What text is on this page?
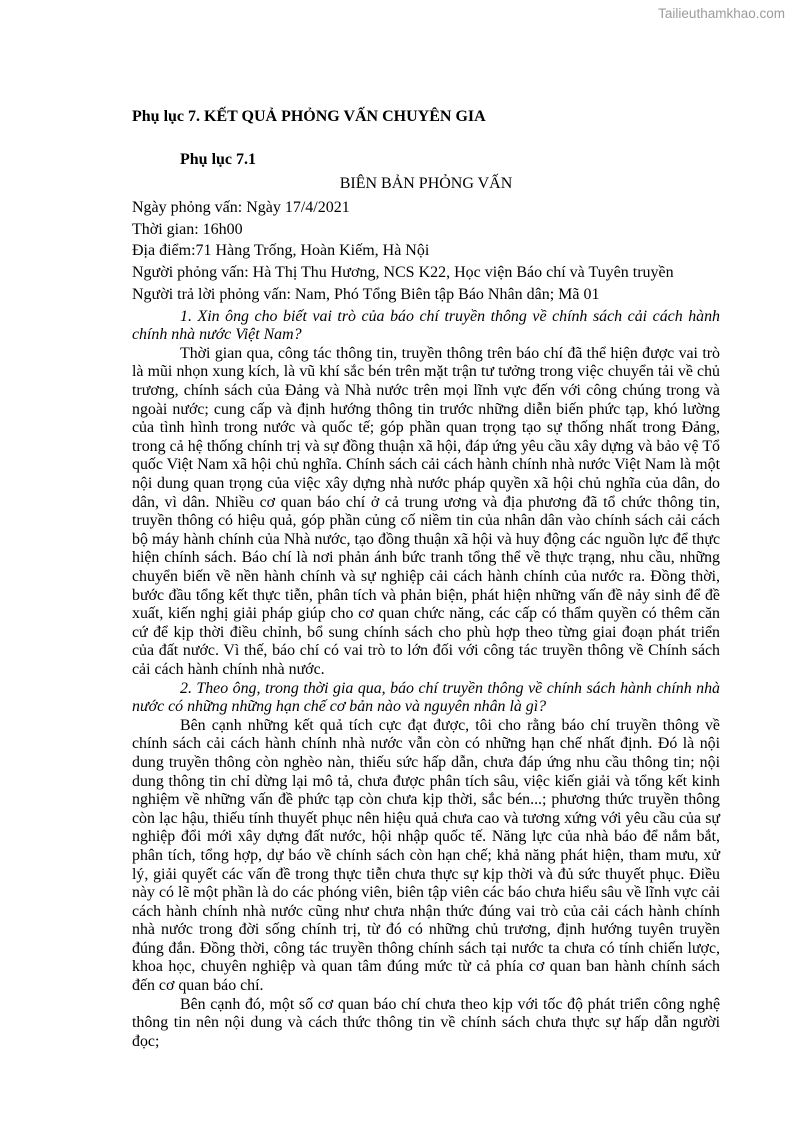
Tailieuthamkhao.com
Phụ lục 7. KẾT QUẢ PHỎNG VẤN CHUYÊN GIA
Phụ lục 7.1
BIÊN BẢN PHỎNG VẤN
Ngày phỏng vấn: Ngày 17/4/2021
Thời gian: 16h00
Địa điểm:71 Hàng Trống, Hoàn Kiếm, Hà Nội
Người phỏng vấn: Hà Thị Thu Hương, NCS K22, Học viện Báo chí và Tuyên truyền
Người trả lời phỏng vấn: Nam, Phó Tổng Biên tập Báo Nhân dân; Mã 01

1. Xin ông cho biết vai trò của báo chí truyền thông về chính sách cải cách hành chính nhà nước Việt Nam?

Thời gian qua, công tác thông tin, truyền thông trên báo chí đã thể hiện được vai trò là mũi nhọn xung kích, là vũ khí sắc bén trên mặt trận tư tưởng trong việc chuyển tải về chủ trương, chính sách của Đảng và Nhà nước trên mọi lĩnh vực đến với công chúng trong và ngoài nước; cung cấp và định hướng thông tin trước những diễn biến phức tạp, khó lường của tình hình trong nước và quốc tế; góp phần quan trọng tạo sự thống nhất trong Đảng, trong cả hệ thống chính trị và sự đồng thuận xã hội, đáp ứng yêu cầu xây dựng và bảo vệ Tổ quốc Việt Nam xã hội chủ nghĩa. Chính sách cải cách hành chính nhà nước Việt Nam là một nội dung quan trọng của việc xây dựng nhà nước pháp quyền xã hội chủ nghĩa của dân, do dân, vì dân. Nhiều cơ quan báo chí ở cả trung ương và địa phương đã tổ chức thông tin, truyền thông có hiệu quả, góp phần củng cố niềm tin của nhân dân vào chính sách cải cách bộ máy hành chính của Nhà nước, tạo đồng thuận xã hội và huy động các nguồn lực để thực hiện chính sách. Báo chí là nơi phản ánh bức tranh tổng thể về thực trạng, nhu cầu, những chuyển biến về nền hành chính và sự nghiệp cải cách hành chính của nước ra. Đồng thời, bước đầu tổng kết thực tiễn, phân tích và phản biện, phát hiện những vấn đề nảy sinh để đề xuất, kiến nghị giải pháp giúp cho cơ quan chức năng, các cấp có thẩm quyền có thêm căn cứ để kịp thời điều chỉnh, bổ sung chính sách cho phù hợp theo từng giai đoạn phát triển của đất nước. Vì thế, báo chí có vai trò to lớn đối với công tác truyền thông về Chính sách cải cách hành chính nhà nước.

2. Theo ông, trong thời gia qua, báo chí truyền thông về chính sách hành chính nhà nước có những những hạn chế cơ bản nào và nguyên nhân là gì?

Bên cạnh những kết quả tích cực đạt được, tôi cho rằng báo chí truyền thông về chính sách cải cách hành chính nhà nước vẫn còn có những hạn chế nhất định. Đó là nội dung truyền thông còn nghèo nàn, thiếu sức hấp dẫn, chưa đáp ứng nhu cầu thông tin; nội dung thông tin chỉ dừng lại mô tả, chưa được phân tích sâu, việc kiến giải và tổng kết kinh nghiệm về những vấn đề phức tạp còn chưa kịp thời, sắc bén...; phương thức truyền thông còn lạc hậu, thiếu tính thuyết phục nên hiệu quả chưa cao và tương xứng với yêu cầu của sự nghiệp đổi mới xây dựng đất nước, hội nhập quốc tế. Năng lực của nhà báo để nắm bắt, phân tích, tổng hợp, dự báo về chính sách còn hạn chế; khả năng phát hiện, tham mưu, xử lý, giải quyết các vấn đề trong thực tiễn chưa thực sự kịp thời và đủ sức thuyết phục. Điều này có lẽ một phần là do các phóng viên, biên tập viên các báo chưa hiểu sâu về lĩnh vực cải cách hành chính nhà nước cũng như chưa nhận thức đúng vai trò của cải cách hành chính nhà nước trong đời sống chính trị, từ đó có những chủ trương, định hướng tuyên truyền đúng đắn. Đồng thời, công tác truyền thông chính sách tại nước ta chưa có tính chiến lược, khoa học, chuyên nghiệp và quan tâm đúng mức từ cả phía cơ quan ban hành chính sách đến cơ quan báo chí.

Bên cạnh đó, một số cơ quan báo chí chưa theo kịp với tốc độ phát triển công nghệ thông tin nên nội dung và cách thức thông tin về chính sách chưa thực sự hấp dẫn người đọc;
